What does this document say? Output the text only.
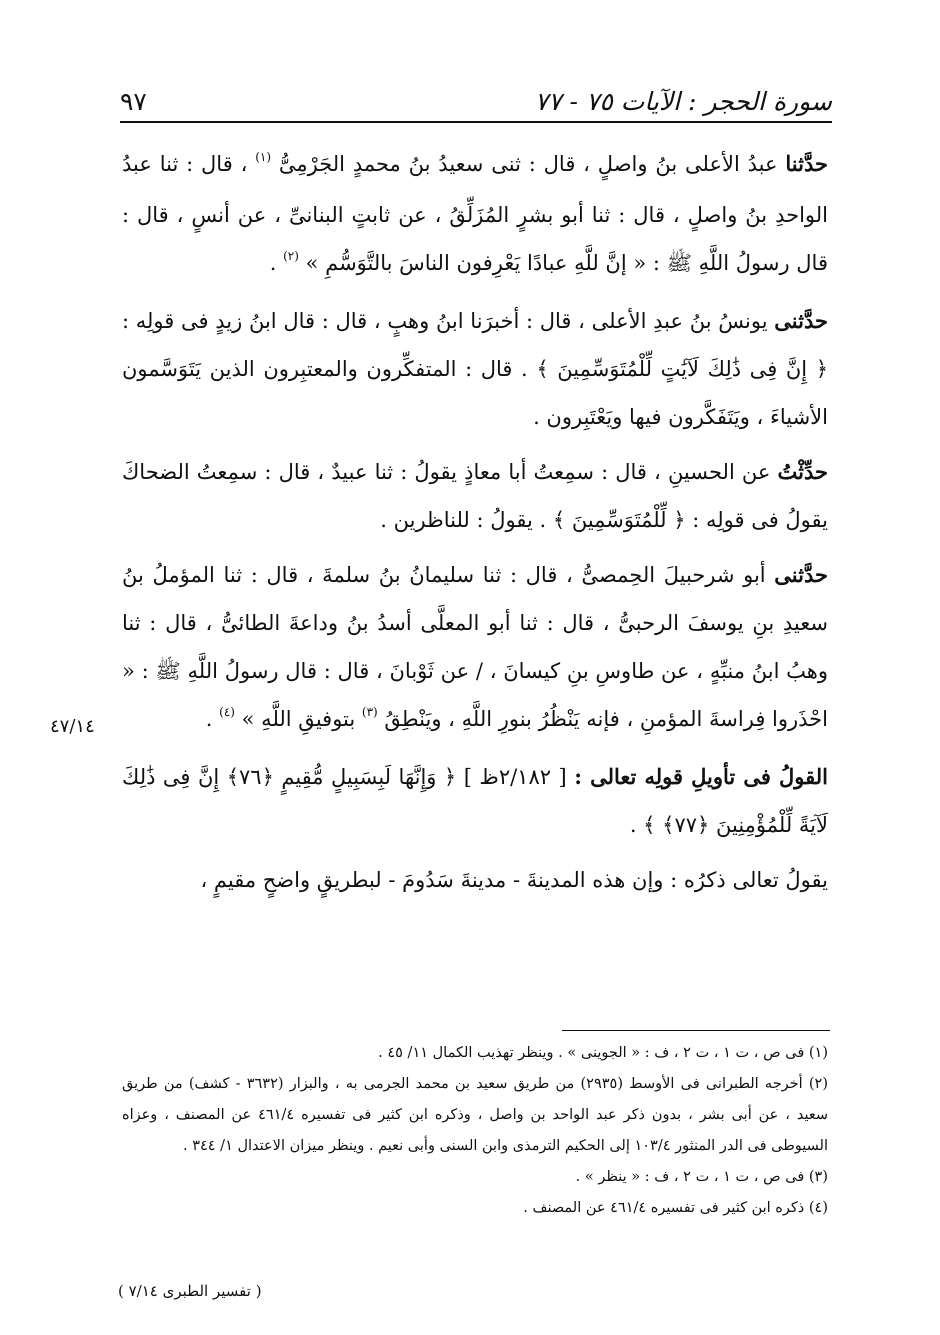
سورة الحجر : الآيات ٧٥ - ٧٧
٩٧

حدَّثنا عبدُ الأعلى بنُ واصلٍ ، قال : ثنى سعيدُ بنُ محمدٍ الجَرْمِىُّ $^{(١)}$ ، قال : ثنا عبدُ الواحدِ بنُ واصلٍ ، قال : ثنا أبو بشرٍ المُزَلِّقُ ، عن ثابتٍ البنانىِّ ، عن أنسٍ ، قال : قال رسولُ اللَّهِ ﷺ : « إنَّ للَّهِ عبادًا يَعْرِفون الناسَ بالتَّوَسُّمِ » $^{(٢)}$ .

حدَّثنى يونسُ بنُ عبدِ الأعلى ، قال : أخبرَنا ابنُ وهبٍ ، قال : قال ابنُ زيدٍ فى قولِه : ﴿ إِنَّ فِى ذَٰلِكَ لَآيَٰتٍ لِّلْمُتَوَسِّمِينَ ﴾ . قال : المتفكِّرون والمعتبِرون الذين يَتَوَسَّمون الأشياءَ ، ويَتَفَكَّرون فيها ويَعْتَبِرون .

حدِّثْتُ عن الحسينِ ، قال : سمِعتُ أبا معاذٍ يقولُ : ثنا عبيدٌ ، قال : سمِعتُ الضحاكَ يقولُ فى قولِه : ﴿ لِّلْمُتَوَسِّمِينَ ﴾ . يقولُ : للناظرين .

حدَّثنى أبو شرحبيلَ الحِمصىُّ ، قال : ثنا سليمانُ بنُ سلمةَ ، قال : ثنا المؤملُ بنُ سعيدِ بنِ يوسفَ الرحبىُّ ، قال : ثنا أبو المعلَّى أسدُ بنُ وداعةَ الطائىُّ ، قال : ثنا وهبُ ابنُ منبِّهٍ ، عن طاوسِ بنِ كيسانَ ، / عن ثَوْبانَ ، قال : قال رسولُ اللَّهِ ﷺ : « احْذَروا فِراسةَ المؤمنِ ، فإنه يَنْظُرُ بنورِ اللَّهِ ، ويَنْطِقُ $^{(٣)}$ بتوفيقِ اللَّهِ » $^{(٤)}$ .

القولُ فى تأويلِ قولِه تعالى : [ ٢/١٨٢ظ ] ﴿ وَإِنَّهَا لَبِسَبِيلٍ مُّقِيمٍ ﴿٧٦﴾ إِنَّ فِى ذَٰلِكَ لَآيَةً لِّلْمُؤْمِنِينَ ﴿٧٧﴾ ﴾ .

يقولُ تعالى ذكرُه : وإن هذه المدينةَ - مدينةَ سَدُومَ - لبطريقٍ واضحٍ مقيمٍ ،

٤٧/١٤

(١) فى ص ، ت ١ ، ت ٢ ، ف : « الجوينى » . وينظر تهذيب الكمال ١١/ ٤٥ .

(٢) أخرجه الطبرانى فى الأوسط (٢٩٣٥) من طريق سعيد بن محمد الجرمى به ، والبزار (٣٦٣٢ - كشف) من طريق سعيد ، عن أبى بشر ، بدون ذكر عبد الواحد بن واصل ، وذكره ابن كثير فى تفسيره ٤٦١/٤ عن المصنف ، وعزاه السيوطى فى الدر المنثور ١٠٣/٤ إلى الحكيم الترمذى وابن السنى وأبى نعيم . وينظر ميزان الاعتدال ١/ ٣٤٤ .

(٣) فى ص ، ت ١ ، ت ٢ ، ف : « ينظر » .

(٤) ذكره ابن كثير فى تفسيره ٤٦١/٤ عن المصنف .

( تفسير الطبرى ٧/١٤ )
